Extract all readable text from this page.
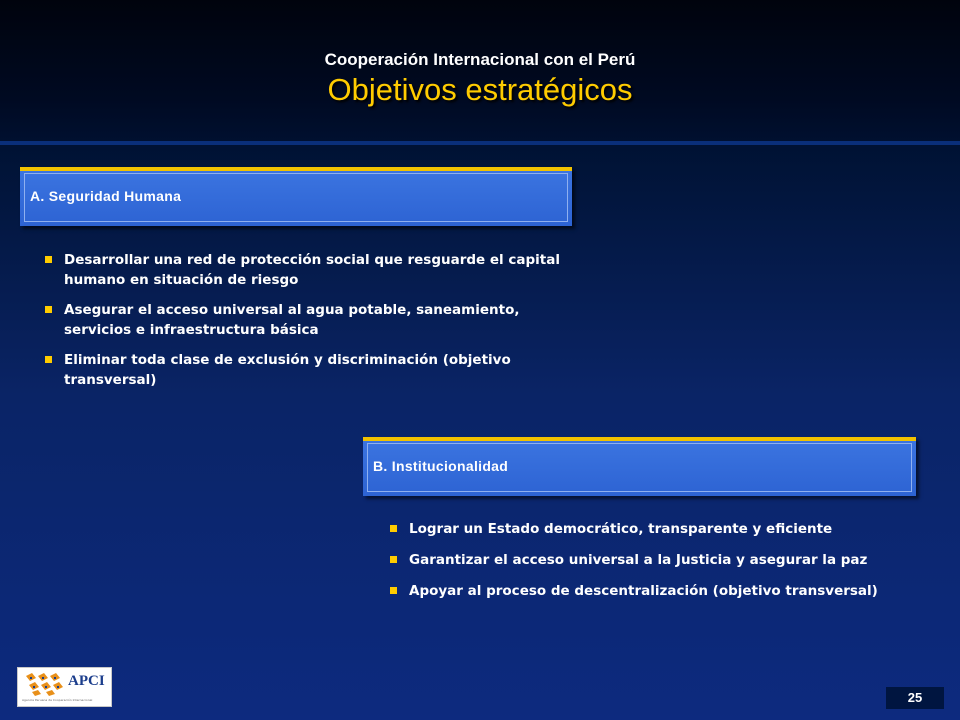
Cooperación Internacional con el Perú
Objetivos estratégicos
A. Seguridad Humana
Desarrollar una red de protección social que resguarde el capital humano en situación de riesgo
Asegurar el acceso universal al agua potable, saneamiento, servicios e infraestructura básica
Eliminar toda clase de exclusión y discriminación (objetivo transversal)
B. Institucionalidad
Lograr un Estado democrático, transparente y eficiente
Garantizar el acceso universal a la Justicia y asegurar la paz
Apoyar al proceso de descentralización (objetivo transversal)
APCI
Agencia Peruana de Cooperación Internacional	25
